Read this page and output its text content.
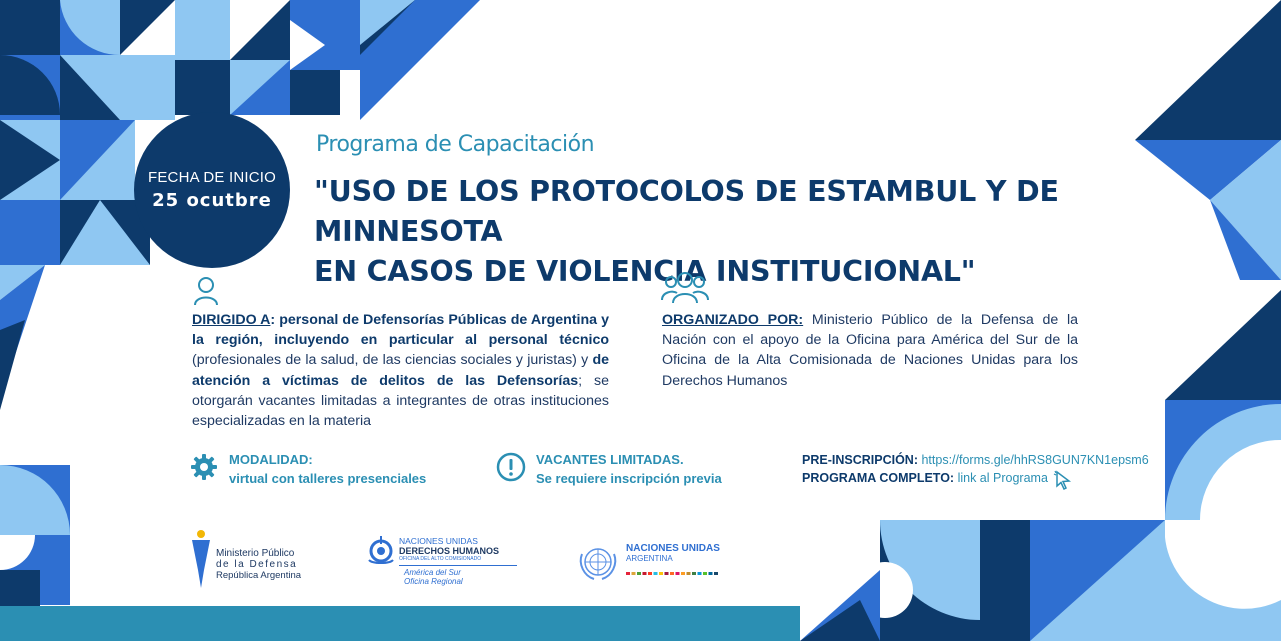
FECHA DE INICIO
25 ocutbre
Programa de Capacitación
"USO DE LOS PROTOCOLOS DE ESTAMBUL Y DE MINNESOTA
EN CASOS DE VIOLENCIA INSTITUCIONAL"
DIRIGIDO A: personal de Defensorías Públicas de Argentina y la región, incluyendo en particular al personal técnico (profesionales de la salud, de las ciencias sociales y juristas) y de atención a víctimas de delitos de las Defensorías; se otorgarán vacantes limitadas a integrantes de otras instituciones especializadas en la materia
ORGANIZADO POR: Ministerio Público de la Defensa de la Nación con el apoyo de la Oficina para América del Sur de la Oficina de la Alta Comisionada de Naciones Unidas para los Derechos Humanos
MODALIDAD:
virtual con talleres presenciales
VACANTES LIMITADAS.
Se requiere inscripción previa
PRE-INSCRIPCIÓN: https://forms.gle/hhRS8GUN7KN1epsm6
PROGRAMA COMPLETO: link al Programa
Ministerio Público
de la Defensa
República Argentina
NACIONES UNIDAS
DERECHOS HUMANOS
OFICINA DEL ALTO COMISIONADO
América del Sur
Oficina Regional
NACIONES UNIDAS
ARGENTINA
